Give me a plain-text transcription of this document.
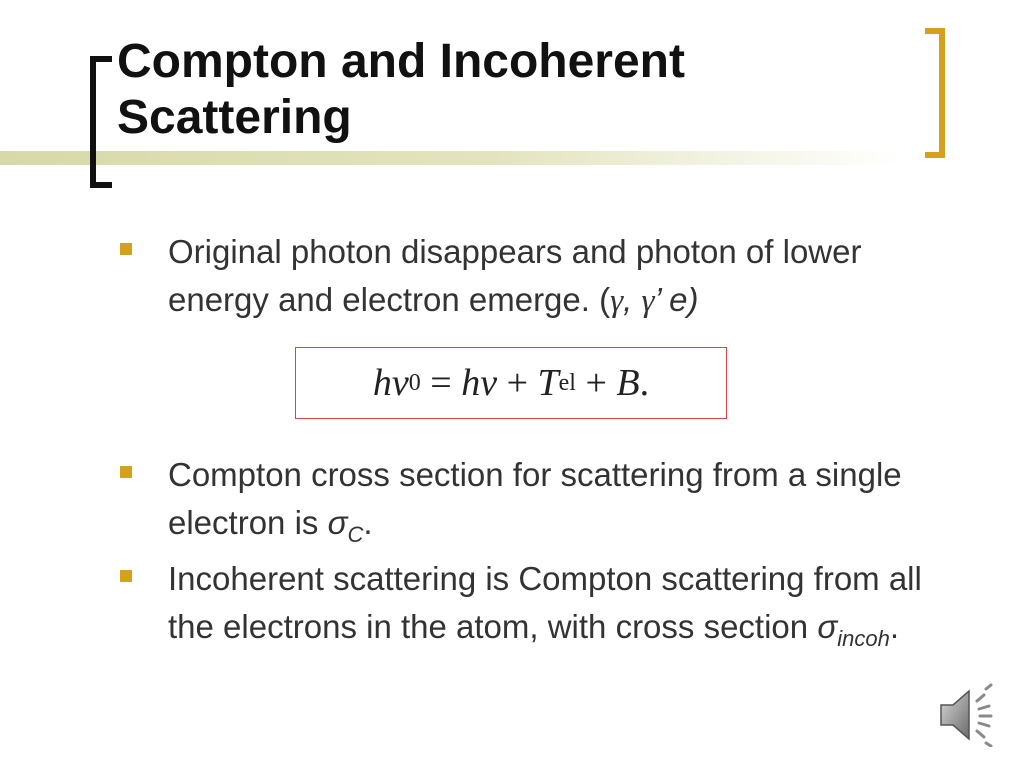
Compton and Incoherent
Scattering

Original photon disappears and photon of lower energy and electron emerge. (γ, γ’ e)

h ν 0 = h ν + T el + B .

Compton cross section for scattering from a single electron is $\sigma_C$.

Incoherent scattering is Compton scattering from all the electrons in the atom, with cross section $\sigma_{incoh}$.
